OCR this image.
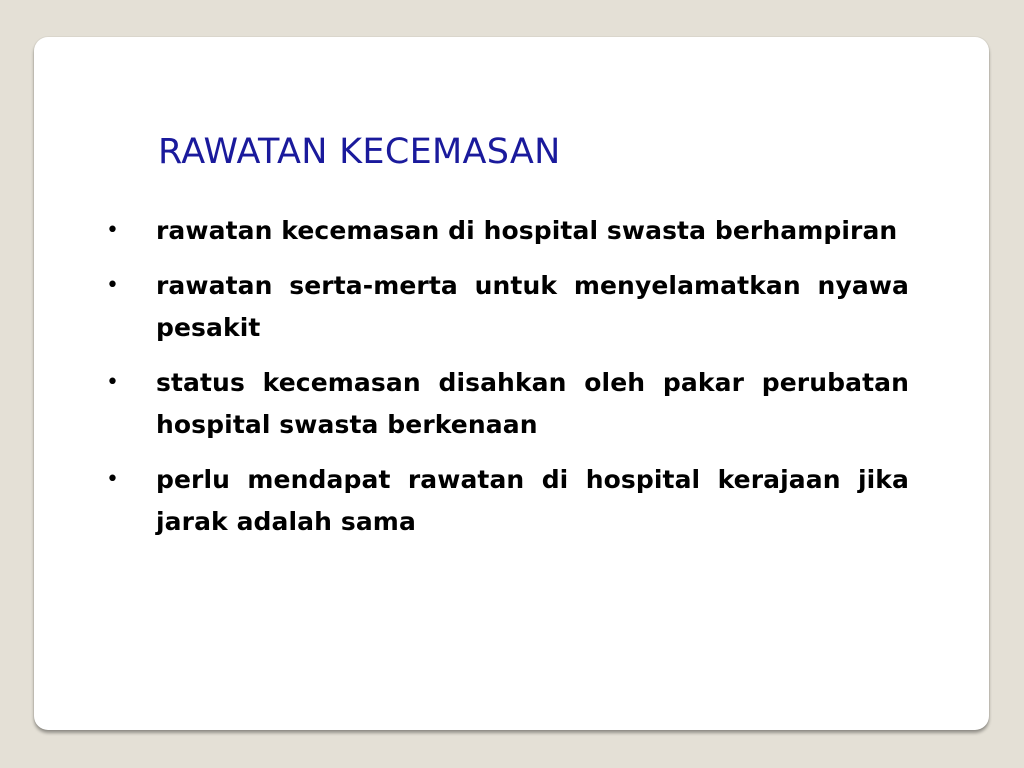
RAWATAN KECEMASAN
• rawatan kecemasan di hospital swasta berhampiran
• rawatan serta-merta untuk menyelamatkan nyawa pesakit
• status kecemasan disahkan oleh pakar perubatan hospital swasta berkenaan
• perlu mendapat rawatan di hospital kerajaan jika jarak adalah sama
